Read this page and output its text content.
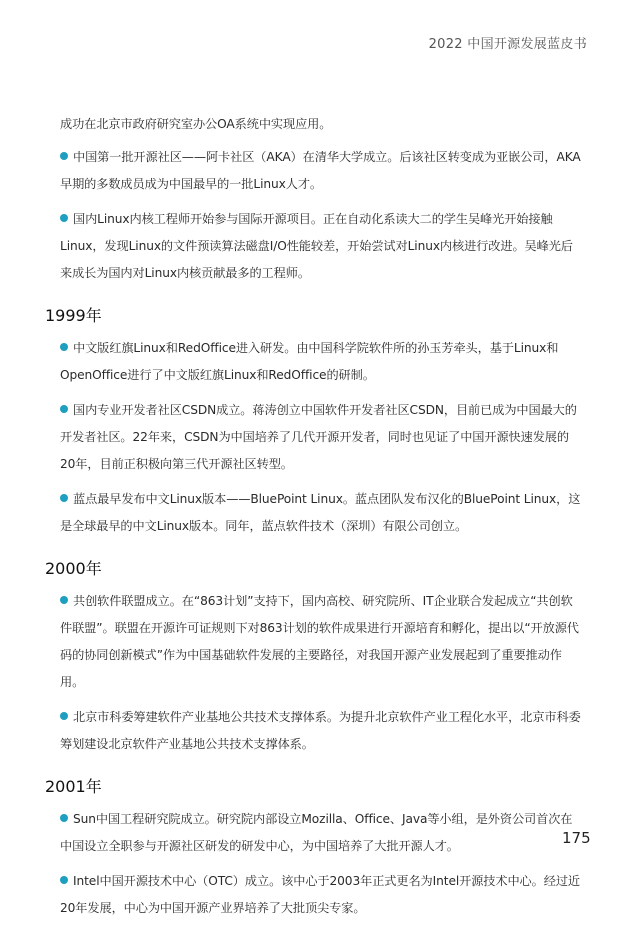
2022 中国开源发展蓝皮书

成功在北京市政府研究室办公OA系统中实现应用。

中国第一批开源社区——阿卡社区（AKA）在清华大学成立。后该社区转变成为亚嵌公司，AKA早期的多数成员成为中国最早的一批Linux人才。

国内Linux内核工程师开始参与国际开源项目。正在自动化系读大二的学生吴峰光开始接触Linux，发现Linux的文件预读算法磁盘I/O性能较差，开始尝试对Linux内核进行改进。吴峰光后来成长为国内对Linux内核贡献最多的工程师。

1999年

中文版红旗Linux和RedOffice进入研发。由中国科学院软件所的孙玉芳牵头，基于Linux和OpenOffice进行了中文版红旗Linux和RedOffice的研制。

国内专业开发者社区CSDN成立。蒋涛创立中国软件开发者社区CSDN，目前已成为中国最大的开发者社区。22年来，CSDN为中国培养了几代开源开发者，同时也见证了中国开源快速发展的20年，目前正积极向第三代开源社区转型。

蓝点最早发布中文Linux版本——BluePoint Linux。蓝点团队发布汉化的BluePoint Linux，这是全球最早的中文Linux版本。同年，蓝点软件技术（深圳）有限公司创立。

2000年

共创软件联盟成立。在“863计划”支持下，国内高校、研究院所、IT企业联合发起成立“共创软件联盟”。联盟在开源许可证规则下对863计划的软件成果进行开源培育和孵化，提出以“开放源代码的协同创新模式”作为中国基础软件发展的主要路径，对我国开源产业发展起到了重要推动作用。

北京市科委筹建软件产业基地公共技术支撑体系。为提升北京软件产业工程化水平，北京市科委筹划建设北京软件产业基地公共技术支撑体系。

2001年

Sun中国工程研究院成立。研究院内部设立Mozilla、Office、Java等小组，是外资公司首次在中国设立全职参与开源社区研发的研发中心，为中国培养了大批开源人才。

Intel中国开源技术中心（OTC）成立。该中心于2003年正式更名为Intel开源技术中心。经过近20年发展，中心为中国开源产业界培养了大批顶尖专家。

175
